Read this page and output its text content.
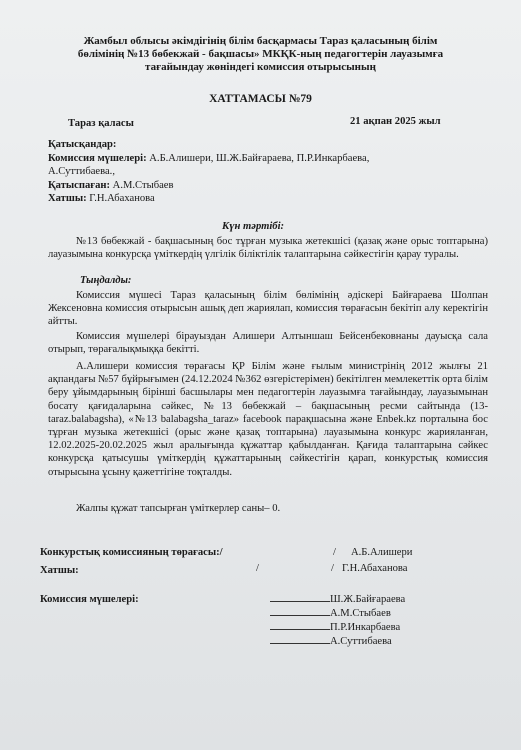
Жамбыл облысы әкімдігінің білім басқармасы Тараз қаласының білім
бөлімінің №13 бөбекжай - бақшасы» МКҚК-ның педагогтерін лауазымға
тағайындау жөніндегі комиссия отырысының
ХАТТАМАСЫ №79
Тараз қаласы	21 ақпан 2025 жыл
Қатысқандар:
Комиссия мүшелері: А.Б.Алишери, Ш.Ж.Байғараева, П.Р.Инкарбаева,
А.Суттибаева.,
Қатыспаған: А.М.Стыбаев
Хатшы: Г.Н.Абаханова
Күн тәртібі:
№13 бөбекжай - бақшасының бос тұрған музыка жетекшісі (қазақ және орыс топтарына) лауазымына конкурсқа үміткердің үлгілік біліктілік талаптарына сәйкестігін қарау туралы.
Тыңдалды:
Комиссия мүшесі Тараз қаласының білім бөлімінің әдіскері Байғараева Шолпан Жексеновна комиссия отырысын ашық деп жариялап, комиссия төрағасын бекітіп алу керектігін айтты.
Комиссия мүшелері бірауыздан Алишери Алтыншаш Бейсенбековнаны дауысқа сала отырып, төрағалықмыққа бекітті.
А.Алишери комиссия төрағасы ҚР Білім және ғылым министрінің 2012 жылғы 21 ақпандағы №57 бұйрығымен (24.12.2024 №362 өзгерістерімен) бекітілген мемлекеттік орта білім беру ұйымдарының бірінші басшылары мен педагогтерін лауазымға тағайындау, лауазымынан босату қағидаларына сәйкес, №13 бөбекжай – бақшасының ресми сайтында (13-taraz.balabagsha), «№13 balabagsha_taraz» facebook парақшасына және Enbek.kz порталына бос тұрған музыка жетекшісі (орыс және қазақ топтарына) лауазымына конкурс жарияланған, 12.02.2025-20.02.2025 жыл аралығында құжаттар қабылданған. Қағида талаптарына сәйкес конкурсқа қатысушы үміткердің құжаттарының сәйкестігін қарап, конкурстық комиссия отырысына ұсыну қажеттігіне тоқталды.
Жалпы құжат тапсырған үміткерлер саны– 0.
Конкурстық комиссияның төрағасы:/	/ А.Б.Алишери
Хатшы:	/	/ Г.Н.Абаханова
Комиссия мүшелері:	Ш.Ж.Байғараева
А.М.Стыбаев
П.Р.Инкарбаева
А.Суттибаева
